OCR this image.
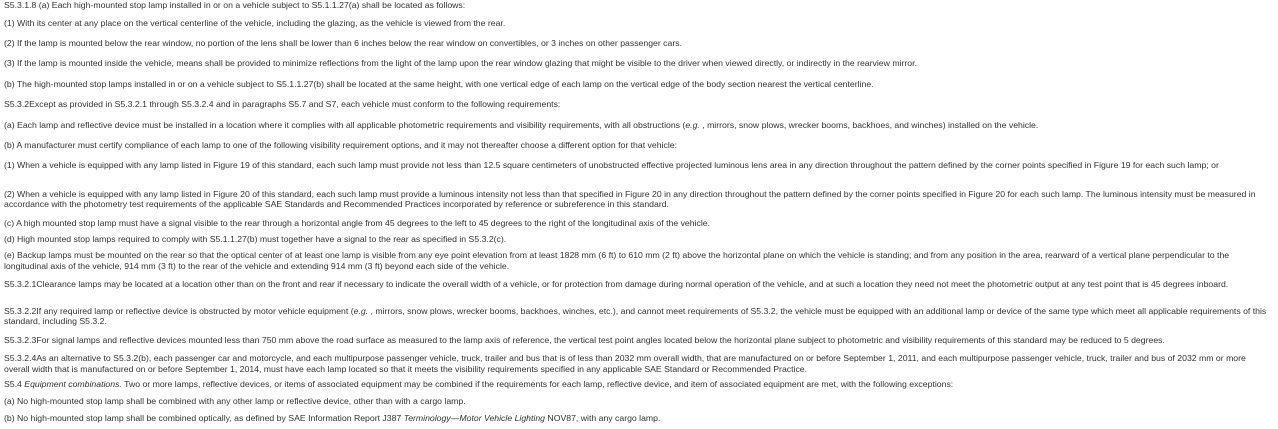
S5.3.1.8 (a) Each high-mounted stop lamp installed in or on a vehicle subject to S5.1.1.27(a) shall be located as follows:

(1) With its center at any place on the vertical centerline of the vehicle, including the glazing, as the vehicle is viewed from the rear.

(2) If the lamp is mounted below the rear window, no portion of the lens shall be lower than 6 inches below the rear window on convertibles, or 3 inches on other passenger cars.

(3) If the lamp is mounted inside the vehicle, means shall be provided to minimize reflections from the light of the lamp upon the rear window glazing that might be visible to the driver when viewed directly, or indirectly in the rearview mirror.

(b) The high-mounted stop lamps installed in or on a vehicle subject to S5.1.1.27(b) shall be located at the same height, with one vertical edge of each lamp on the vertical edge of the body section nearest the vertical centerline.

S5.3.2Except as provided in S5.3.2.1 through S5.3.2.4 and in paragraphs S5.7 and S7, each vehicle must conform to the following requirements:

(a) Each lamp and reflective device must be installed in a location where it complies with all applicable photometric requirements and visibility requirements, with all obstructions (e.g. , mirrors, snow plows, wrecker booms, backhoes, and winches) installed on the vehicle.

(b) A manufacturer must certify compliance of each lamp to one of the following visibility requirement options, and it may not thereafter choose a different option for that vehicle:

(1) When a vehicle is equipped with any lamp listed in Figure 19 of this standard, each such lamp must provide not less than 12.5 square centimeters of unobstructed effective projected luminous lens area in any direction throughout the pattern defined by the corner points specified in Figure 19 for each such lamp; or

(2) When a vehicle is equipped with any lamp listed in Figure 20 of this standard, each such lamp must provide a luminous intensity not less than that specified in Figure 20 in any direction throughout the pattern defined by the corner points specified in Figure 20 for each such lamp. The luminous intensity must be measured in accordance with the photometry test requirements of the applicable SAE Standards and Recommended Practices incorporated by reference or subreference in this standard.

(c) A high mounted stop lamp must have a signal visible to the rear through a horizontal angle from 45 degrees to the left to 45 degrees to the right of the longitudinal axis of the vehicle.

(d) High mounted stop lamps required to comply with S5.1.1.27(b) must together have a signal to the rear as specified in S5.3.2(c).

(e) Backup lamps must be mounted on the rear so that the optical center of at least one lamp is visible from any eye point elevation from at least 1828 mm (6 ft) to 610 mm (2 ft) above the horizontal plane on which the vehicle is standing; and from any position in the area, rearward of a vertical plane perpendicular to the longitudinal axis of the vehicle, 914 mm (3 ft) to the rear of the vehicle and extending 914 mm (3 ft) beyond each side of the vehicle.

S5.3.2.1Clearance lamps may be located at a location other than on the front and rear if necessary to indicate the overall width of a vehicle, or for protection from damage during normal operation of the vehicle, and at such a location they need not meet the photometric output at any test point that is 45 degrees inboard.

S5.3.2.2If any required lamp or reflective device is obstructed by motor vehicle equipment (e.g. , mirrors, snow plows, wrecker booms, backhoes, winches, etc.), and cannot meet requirements of S5.3.2, the vehicle must be equipped with an additional lamp or device of the same type which meet all applicable requirements of this standard, including S5.3.2.

S5.3.2.3For signal lamps and reflective devices mounted less than 750 mm above the road surface as measured to the lamp axis of reference, the vertical test point angles located below the horizontal plane subject to photometric and visibility requirements of this standard may be reduced to 5 degrees.

S5.3.2.4As an alternative to S5.3.2(b), each passenger car and motorcycle, and each multipurpose passenger vehicle, truck, trailer and bus that is of less than 2032 mm overall width, that are manufactured on or before September 1, 2011, and each multipurpose passenger vehicle, truck, trailer and bus of 2032 mm or more overall width that is manufactured on or before September 1, 2014, must have each lamp located so that it meets the visibility requirements specified in any applicable SAE Standard or Recommended Practice.

S5.4 Equipment combinations. Two or more lamps, reflective devices, or items of associated equipment may be combined if the requirements for each lamp, reflective device, and item of associated equipment are met, with the following exceptions:

(a) No high-mounted stop lamp shall be combined with any other lamp or reflective device, other than with a cargo lamp.

(b) No high-mounted stop lamp shall be combined optically, as defined by SAE Information Report J387 Terminology—Motor Vehicle Lighting NOV87, with any cargo lamp.
